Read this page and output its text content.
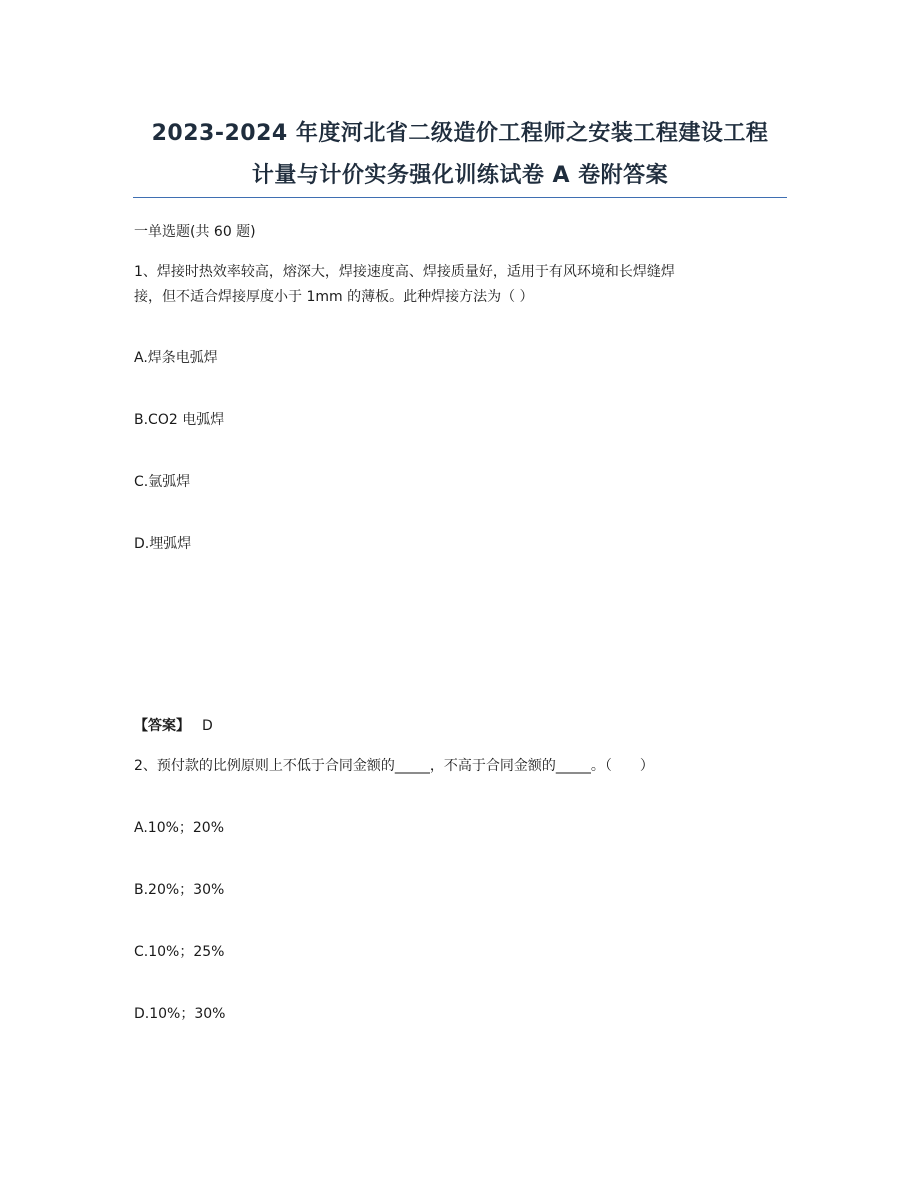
2023-2024 年度河北省二级造价工程师之安装工程建设工程
计量与计价实务强化训练试卷 A 卷附答案
一单选题(共 60 题)
1、焊接时热效率较高，熔深大，焊接速度高、焊接质量好，适用于有风环境和长焊缝焊
接，但不适合焊接厚度小于 1mm 的薄板。此种焊接方法为（ ）
A.焊条电弧焊
B.CO2 电弧焊
C.氩弧焊
D.埋弧焊
【答案】 D
2、预付款的比例原则上不低于合同金额的_____，不高于合同金额的_____。（　　）
A.10%；20%
B.20%；30%
C.10%；25%
D.10%；30%
